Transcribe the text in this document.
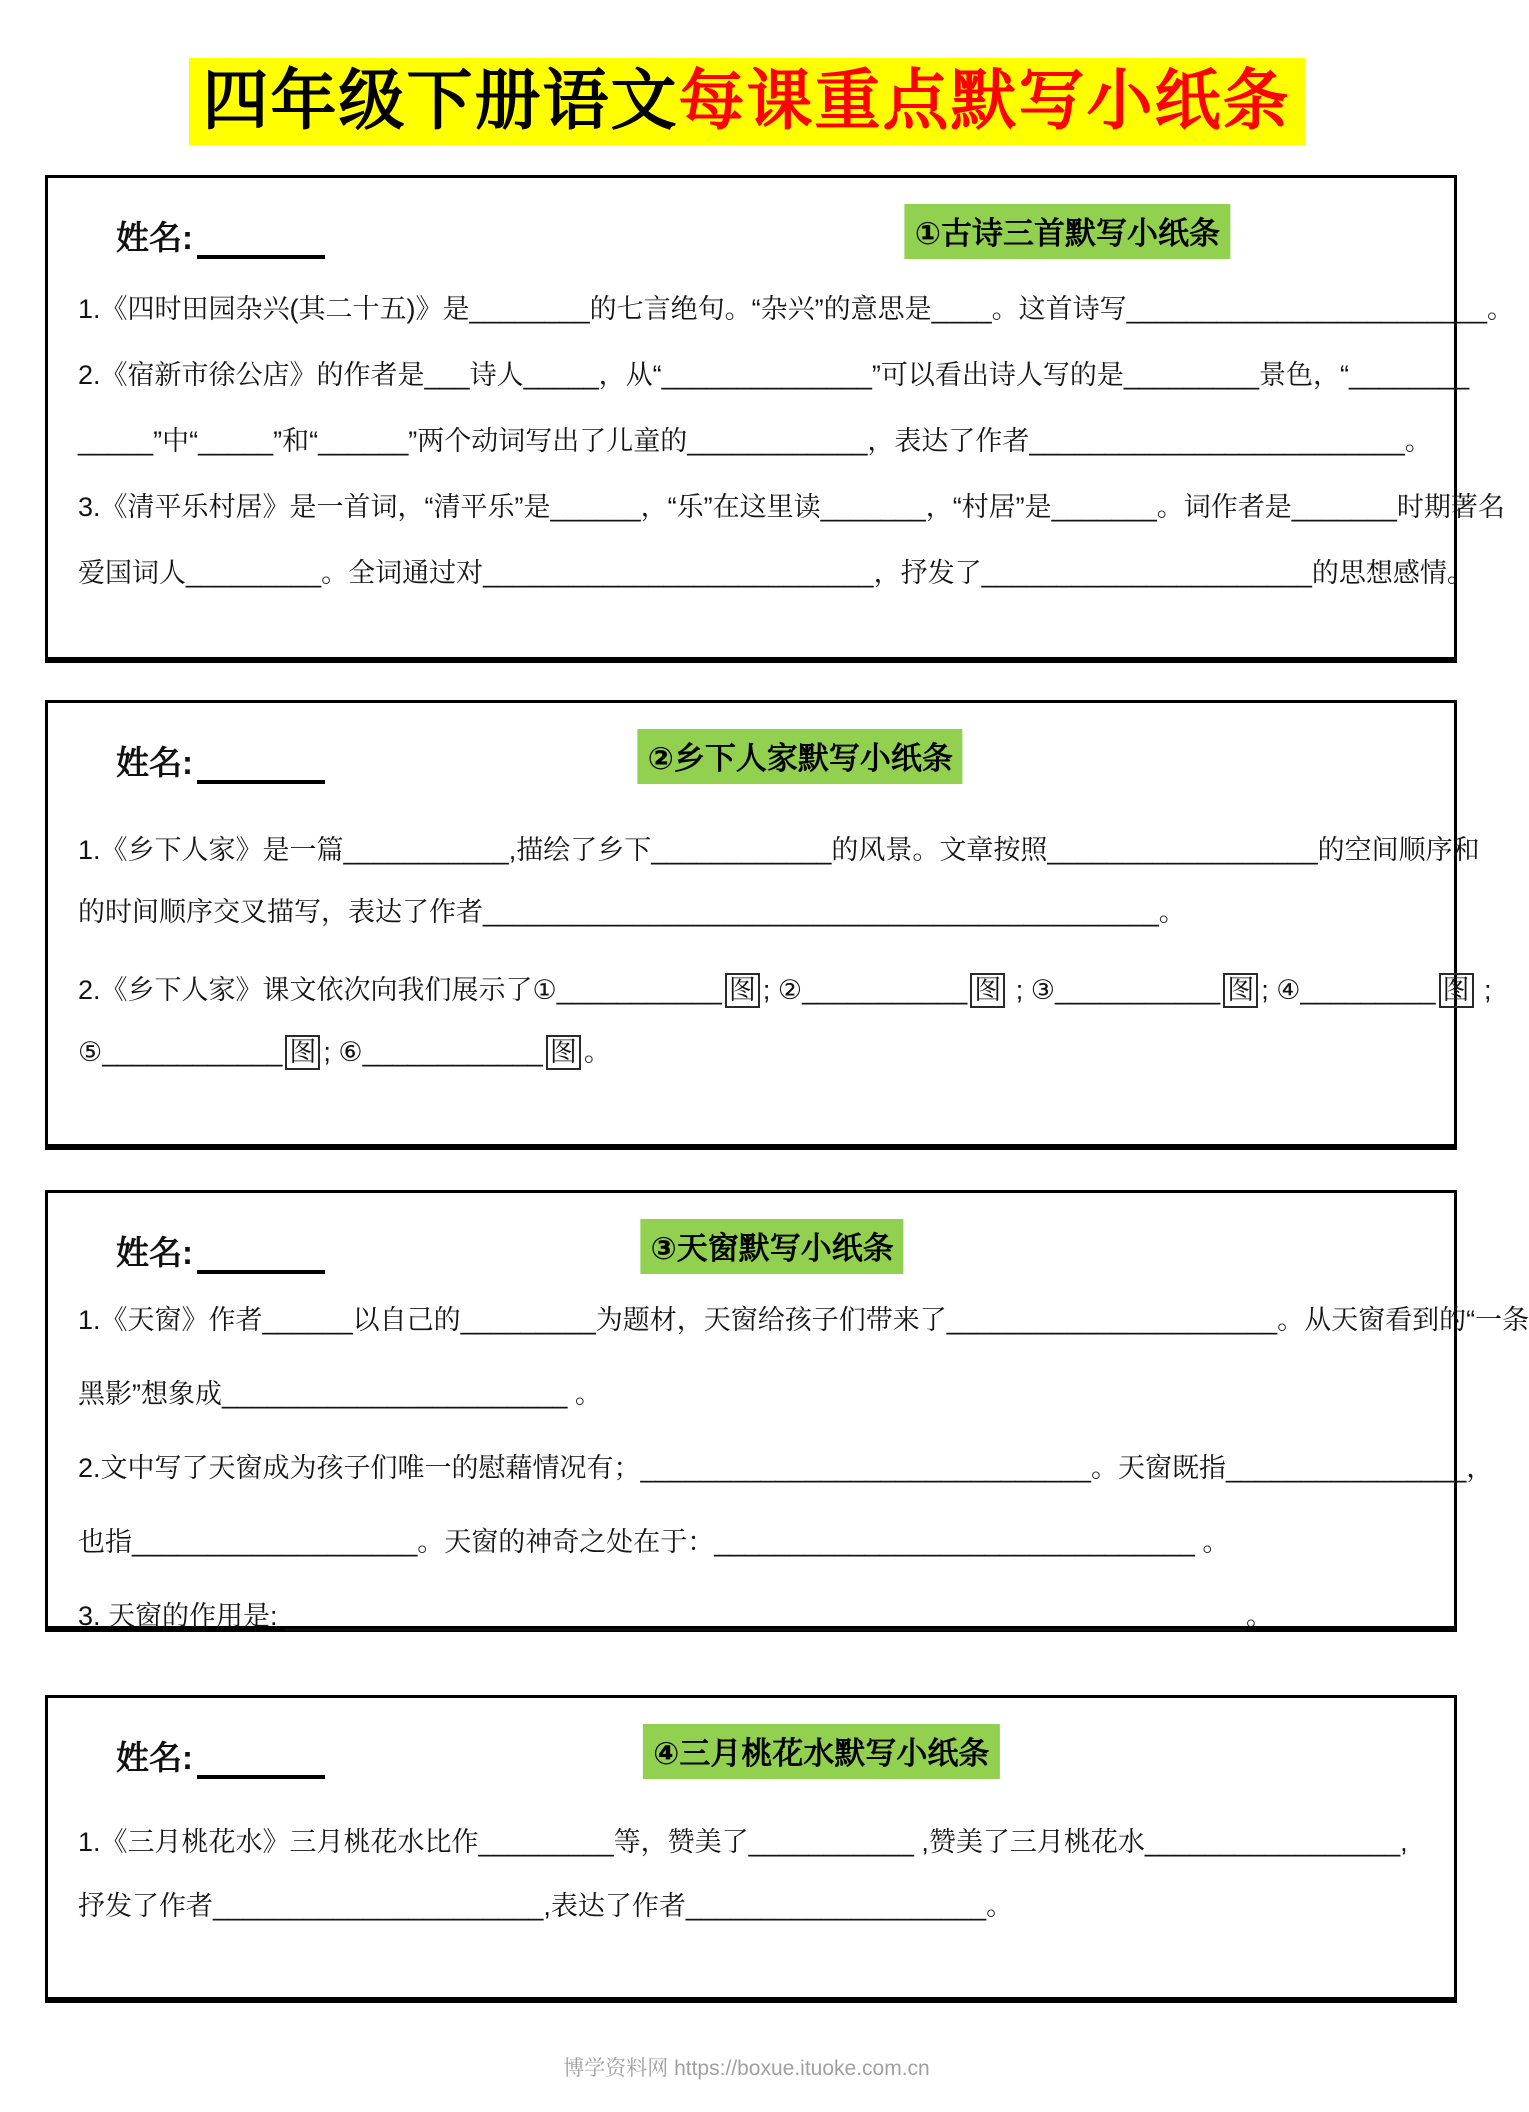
四年级下册语文每课重点默写小纸条
姓名:	①古诗三首默写小纸条
1.《四时田园杂兴(其二十五)》是________的七言绝句。“杂兴”的意思是____。这首诗写________________________。
2.《宿新市徐公店》的作者是___诗人_____，从“______________”可以看出诗人写的是_________景色，“________
_____”中“_____”和“______”两个动词写出了儿童的____________，表达了作者_________________________。
3.《清平乐村居》是一首词，“清平乐”是______，“乐”在这里读_______，“村居”是_______。词作者是_______时期著名
爱国词人_________。全词通过对__________________________，抒发了______________________的思想感情。
姓名:	②乡下人家默写小纸条
1.《乡下人家》是一篇___________,描绘了乡下____________的风景。文章按照__________________的空间顺序和
的时间顺序交叉描写，表达了作者_____________________________________________。
2.《乡下人家》课文依次向我们展示了①___________ 图 ; ②___________ 图 ; ③___________ 图 ; ④_________ 图 ;
⑤____________ 图 ; ⑥____________ 图 。
姓名:	③天窗默写小纸条
1.《天窗》作者______以自己的_________为题材，天窗给孩子们带来了______________________。从天窗看到的“一条
黑影”想象成_______________________ 。
2.文中写了天窗成为孩子们唯一的慰藉情况有；______________________________。天窗既指________________，
也指___________________。天窗的神奇之处在于：________________________________ 。
3. 天窗的作用是: ________________________________________________________________。
姓名:	④三月桃花水默写小纸条
1.《三月桃花水》三月桃花水比作_________等，赞美了___________ ,赞美了三月桃花水_________________,
抒发了作者______________________,表达了作者____________________。
博学资料网 https://boxue.ituoke.com.cn
